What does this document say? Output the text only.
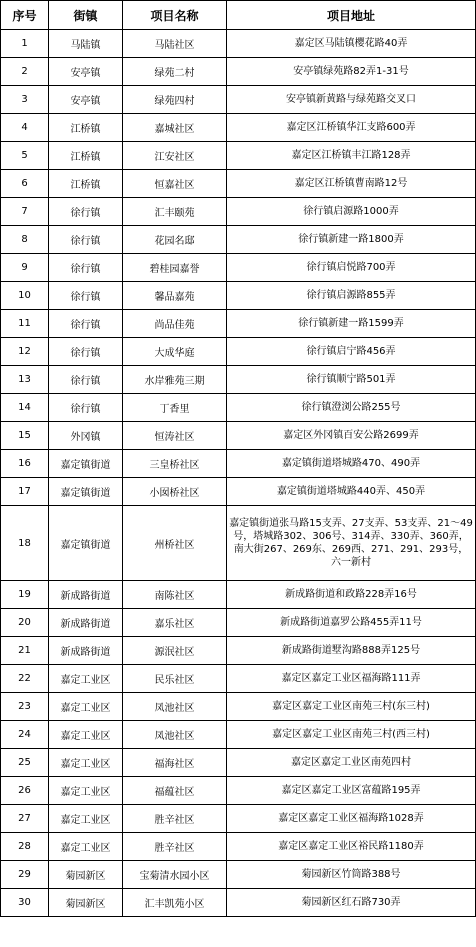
序号	街镇	项目名称	项目地址
1	马陆镇	马陆社区	嘉定区马陆镇樱花路40弄
2	安亭镇	绿苑二村	安亭镇绿苑路82弄1-31号
3	安亭镇	绿苑四村	安亭镇新黄路与绿苑路交叉口
4	江桥镇	嘉城社区	嘉定区江桥镇华江支路600弄
5	江桥镇	江安社区	嘉定区江桥镇丰江路128弄
6	江桥镇	恒嘉社区	嘉定区江桥镇曹南路12号
7	徐行镇	汇丰颐苑	徐行镇启源路1000弄
8	徐行镇	花园名邸	徐行镇新建一路1800弄
9	徐行镇	碧桂园嘉誉	徐行镇启悦路700弄
10	徐行镇	馨品嘉苑	徐行镇启源路855弄
11	徐行镇	尚品佳苑	徐行镇新建一路1599弄
12	徐行镇	大成华庭	徐行镇启宁路456弄
13	徐行镇	水岸雅苑三期	徐行镇顺宁路501弄
14	徐行镇	丁香里	徐行镇澄浏公路255号
15	外冈镇	恒涛社区	嘉定区外冈镇百安公路2699弄
16	嘉定镇街道	三皇桥社区	嘉定镇街道塔城路470、490弄
17	嘉定镇街道	小囡桥社区	嘉定镇街道塔城路440弄、450弄
18	嘉定镇街道	州桥社区	嘉定镇街道张马路15支弄、27支弄、53支弄、21～49号，塔城路302、306号、314弄、330弄、360弄，南大街267、269东、269西、271、291、293号，六一新村
19	新成路街道	南陈社区	新成路街道和政路228弄16号
20	新成路街道	嘉乐社区	新成路街道嘉罗公路455弄11号
21	新成路街道	源泯社区	新成路街道墅沟路888弄125号
22	嘉定工业区	民乐社区	嘉定区嘉定工业区福海路111弄
23	嘉定工业区	凤池社区	嘉定区嘉定工业区南苑三村(东三村)
24	嘉定工业区	凤池社区	嘉定区嘉定工业区南苑三村(西三村)
25	嘉定工业区	福海社区	嘉定区嘉定工业区南苑四村
26	嘉定工业区	福蕴社区	嘉定区嘉定工业区富蕴路195弄
27	嘉定工业区	胜辛社区	嘉定区嘉定工业区福海路1028弄
28	嘉定工业区	胜辛社区	嘉定区嘉定工业区裕民路1180弄
29	菊园新区	宝菊清水园小区	菊园新区竹筒路388号
30	菊园新区	汇丰凯苑小区	菊园新区红石路730弄
